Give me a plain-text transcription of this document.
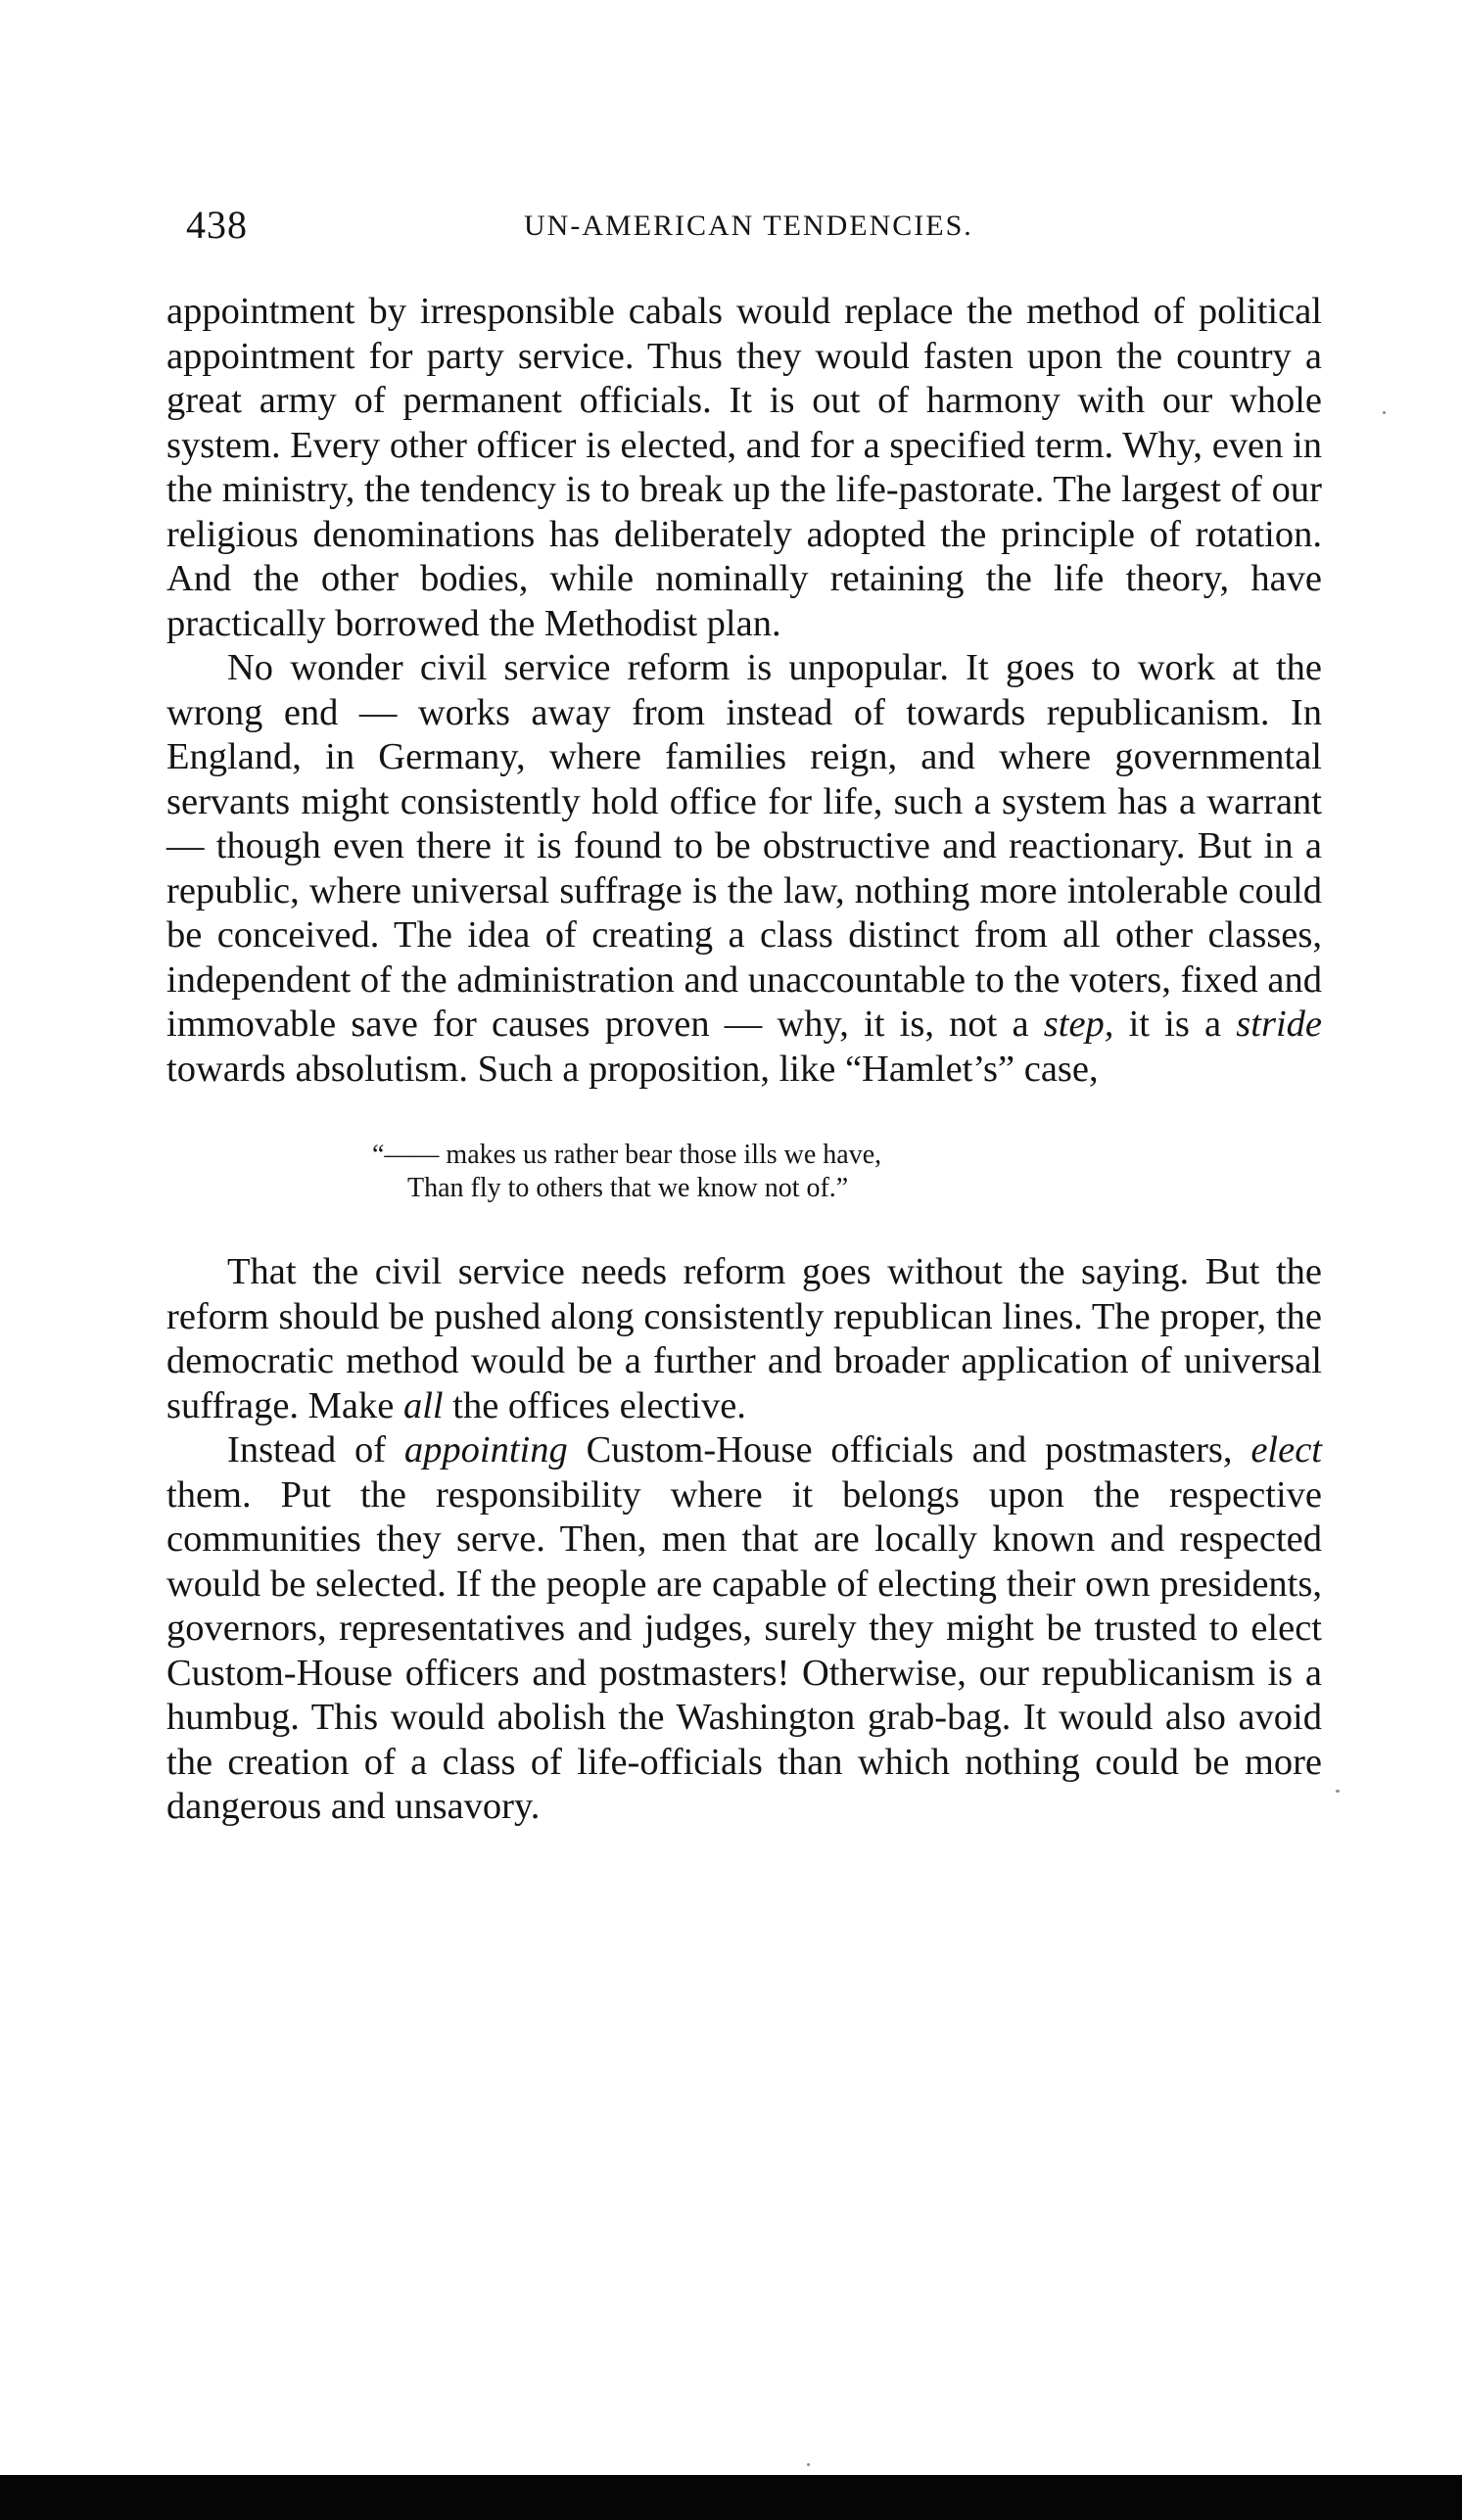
438	UN-AMERICAN TENDENCIES.

appointment by irresponsible cabals would replace the method of political appointment for party service. Thus they would fasten upon the country a great army of permanent officials. It is out of harmony with our whole system. Every other officer is elected, and for a specified term. Why, even in the ministry, the tendency is to break up the life-pastorate. The largest of our religious denominations has deliberately adopted the principle of rotation. And the other bodies, while nominally retaining the life theory, have practically borrowed the Methodist plan.

No wonder civil service reform is unpopular. It goes to work at the wrong end — works away from instead of towards republicanism. In England, in Germany, where families reign, and where governmental servants might consistently hold office for life, such a system has a warrant — though even there it is found to be obstructive and reactionary. But in a republic, where universal suffrage is the law, nothing more intolerable could be conceived. The idea of creating a class distinct from all other classes, independent of the administration and unaccountable to the voters, fixed and immovable save for causes proven — why, it is, not a step, it is a stride towards absolutism. Such a proposition, like “Hamlet’s” case,

“—— makes us rather bear those ills we have,
Than fly to others that we know not of.”

That the civil service needs reform goes without the saying. But the reform should be pushed along consistently republican lines. The proper, the democratic method would be a further and broader application of universal suffrage. Make all the offices elective.

Instead of appointing Custom-House officials and postmasters, elect them. Put the responsibility where it belongs upon the respective communities they serve. Then, men that are locally known and respected would be selected. If the people are capable of electing their own presidents, governors, representatives and judges, surely they might be trusted to elect Custom-House officers and postmasters! Otherwise, our republicanism is a humbug. This would abolish the Washington grab-bag. It would also avoid the creation of a class of life-officials than which nothing could be more dangerous and unsavory.
